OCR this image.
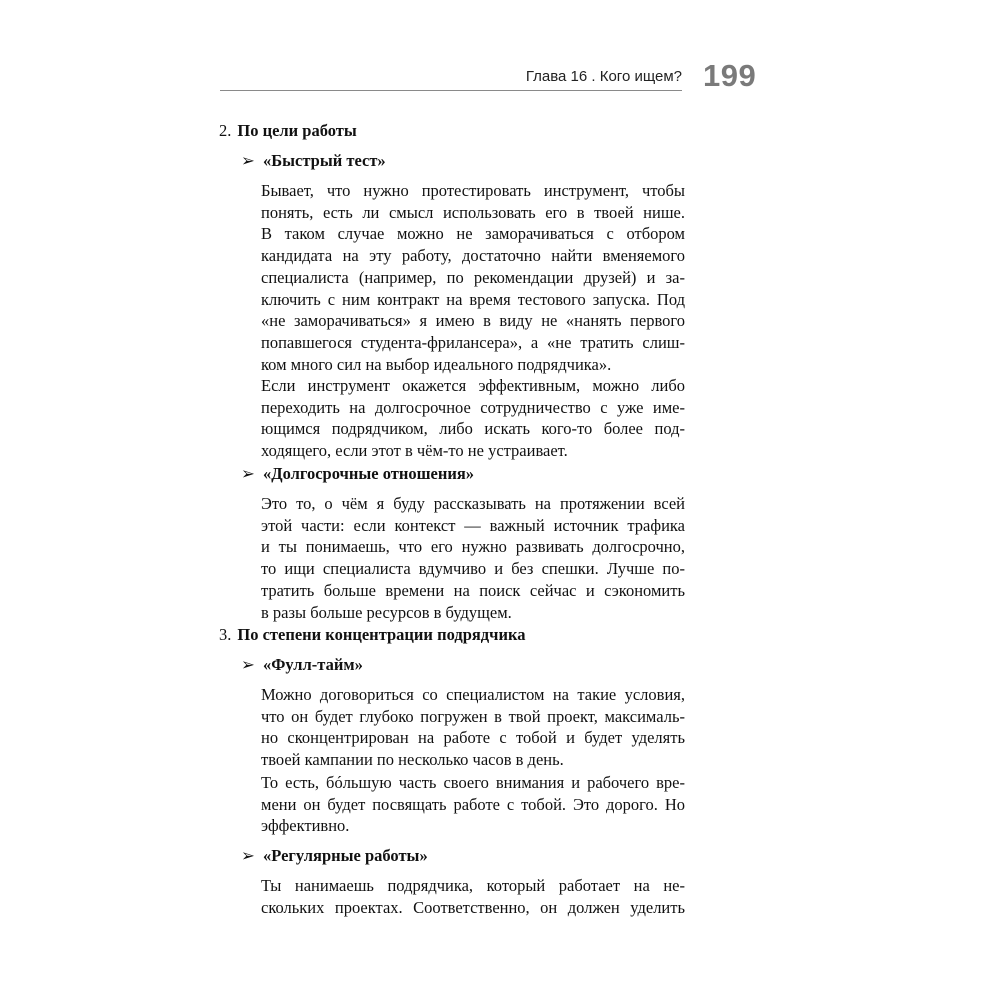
Глава 16 . Кого ищем? 199
2. По цели работы
➢ «Быстрый тест»
Бывает, что нужно протестировать инструмент, чтобы
понять, есть ли смысл использовать его в твоей нише.
В таком случае можно не заморачиваться с отбором
кандидата на эту работу, достаточно найти вменяемого
специалиста (например, по рекомендации друзей) и за-
ключить с ним контракт на время тестового запуска. Под
«не заморачиваться» я имею в виду не «нанять первого
попавшегося студента-фрилансера», а «не тратить слиш-
ком много сил на выбор идеального подрядчика».
Если инструмент окажется эффективным, можно либо
переходить на долгосрочное сотрудничество с уже име-
ющимся подрядчиком, либо искать кого-то более под-
ходящего, если этот в чём-то не устраивает.
➢ «Долгосрочные отношения»
Это то, о чём я буду рассказывать на протяжении всей
этой части: если контекст — важный источник трафика
и ты понимаешь, что его нужно развивать долгосрочно,
то ищи специалиста вдумчиво и без спешки. Лучше по-
тратить больше времени на поиск сейчас и сэкономить
в разы больше ресурсов в будущем.
3. По степени концентрации подрядчика
➢ «Фулл-тайм»
Можно договориться со специалистом на такие условия,
что он будет глубоко погружен в твой проект, максималь-
но сконцентрирован на работе с тобой и будет уделять
твоей кампании по несколько часов в день.
То есть, бóльшую часть своего внимания и рабочего вре-
мени он будет посвящать работе с тобой. Это дорого. Но
эффективно.
➢ «Регулярные работы»
Ты нанимаешь подрядчика, который работает на не-
скольких проектах. Соответственно, он должен уделить
